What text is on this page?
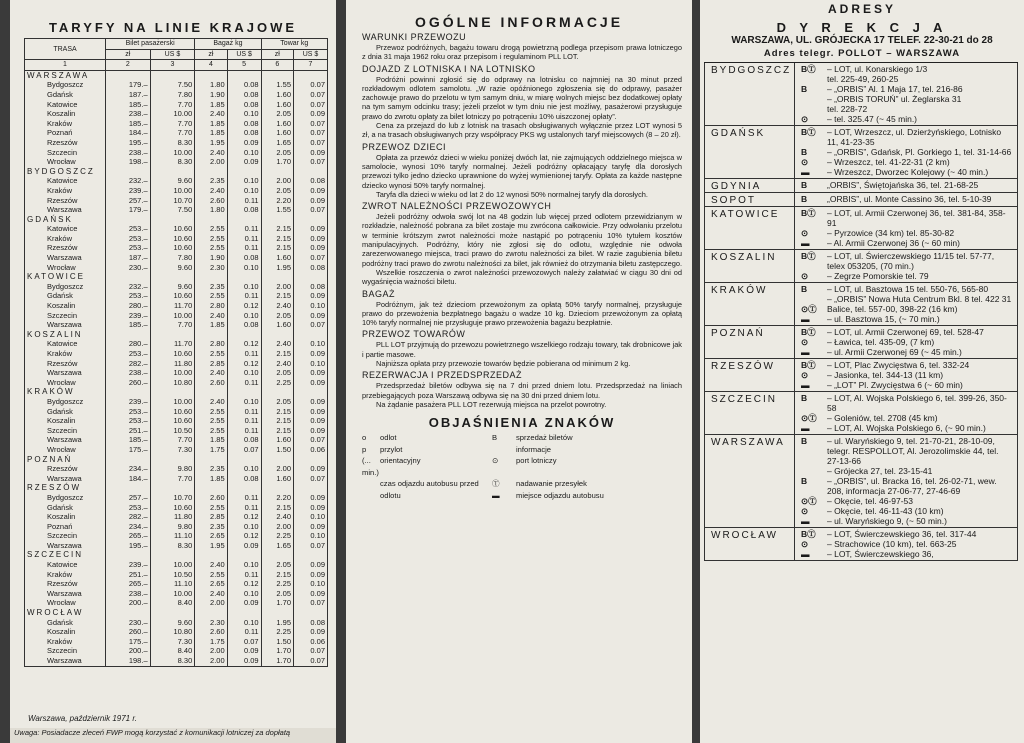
TARYFY NA LINIE KRAJOWE
TRASA	Bilet pasażerski		Bagaż kg		Towar kg	
	zł	US $	zł	US $	zł	US $
1	2	3	4	5	6	7
WARSZAWA						
Bydgoszcz	179.–	7.50	1.80	0.08	1.55	0.07
Gdańsk	187.–	7.80	1.90	0.08	1.60	0.07
Katowice	185.–	7.70	1.85	0.08	1.60	0.07
Koszalin	238.–	10.00	2.40	0.10	2.05	0.09
Kraków	185.–	7.70	1.85	0.08	1.60	0.07
Poznań	184.–	7.70	1.85	0.08	1.60	0.07
Rzeszów	195.–	8.30	1.95	0.09	1.65	0.07
Szczecin	238.–	10.00	2.40	0.10	2.05	0.09
Wrocław	198.–	8.30	2.00	0.09	1.70	0.07
BYDGOSZCZ						
Katowice	232.–	9.60	2.35	0.10	2.00	0.08
Kraków	239.–	10.00	2.40	0.10	2.05	0.09
Rzeszów	257.–	10.70	2.60	0.11	2.20	0.09
Warszawa	179.–	7.50	1.80	0.08	1.55	0.07
GDAŃSK						
Katowice	253.–	10.60	2.55	0.11	2.15	0.09
Kraków	253.–	10.60	2.55	0.11	2.15	0.09
Rzeszów	253.–	10.60	2.55	0.11	2.15	0.09
Warszawa	187.–	7.80	1.90	0.08	1.60	0.07
Wrocław	230.–	9.60	2.30	0.10	1.95	0.08
KATOWICE						
Bydgoszcz	232.–	9.60	2.35	0.10	2.00	0.08
Gdańsk	253.–	10.60	2.55	0.11	2.15	0.09
Koszalin	280.–	11.70	2.80	0.12	2.40	0.10
Szczecin	239.–	10.00	2.40	0.10	2.05	0.09
Warszawa	185.–	7.70	1.85	0.08	1.60	0.07
KOSZALIN						
Katowice	280.–	11.70	2.80	0.12	2.40	0.10
Kraków	253.–	10.60	2.55	0.11	2.15	0.09
Rzeszów	282.–	11.80	2.85	0.12	2.40	0.10
Warszawa	238.–	10.00	2.40	0.10	2.05	0.09
Wrocław	260.–	10.80	2.60	0.11	2.25	0.09
KRAKÓW						
Bydgoszcz	239.–	10.00	2.40	0.10	2.05	0.09
Gdańsk	253.–	10.60	2.55	0.11	2.15	0.09
Koszalin	253.–	10.60	2.55	0.11	2.15	0.09
Szczecin	251.–	10.50	2.55	0.11	2.15	0.09
Warszawa	185.–	7.70	1.85	0.08	1.60	0.07
Wrocław	175.–	7.30	1.75	0.07	1.50	0.06
POZNAŃ						
Rzeszów	234.–	9.80	2.35	0.10	2.00	0.09
Warszawa	184.–	7.70	1.85	0.08	1.60	0.07
RZESZÓW						
Bydgoszcz	257.–	10.70	2.60	0.11	2.20	0.09
Gdańsk	253.–	10.60	2.55	0.11	2.15	0.09
Koszalin	282.–	11.80	2.85	0.12	2.40	0.10
Poznań	234.–	9.80	2.35	0.10	2.00	0.09
Szczecin	265.–	11.10	2.65	0.12	2.25	0.10
Warszawa	195.–	8.30	1.95	0.09	1.65	0.07
SZCZECIN						
Katowice	239.–	10.00	2.40	0.10	2.05	0.09
Kraków	251.–	10.50	2.55	0.11	2.15	0.09
Rzeszów	265.–	11.10	2.65	0.12	2.25	0.10
Warszawa	238.–	10.00	2.40	0.10	2.05	0.09
Wrocław	200.–	8.40	2.00	0.09	1.70	0.07
WROCŁAW						
Gdańsk	230.–	9.60	2.30	0.10	1.95	0.08
Koszalin	260.–	10.80	2.60	0.11	2.25	0.09
Kraków	175.–	7.30	1.75	0.07	1.50	0.06
Szczecin	200.–	8.40	2.00	0.09	1.70	0.07
Warszawa	198.–	8.30	2.00	0.09	1.70	0.07
Warszawa, październik 1971 r.
Uwaga: Posiadacze zleceń FWP mogą korzystać z komunikacji lotniczej za dopłatą
OGÓLNE INFORMACJE
WARUNKI PRZEWOZU

Przewoz podróżnych, bagażu towaru drogą powietrzną podlega przepisom prawa lotniczego z dnia 31 maja 1962 roku oraz przepisom i regulaminom PLL LOT.

DOJAZD Z LOTNISKA I NA LOTNISKO

Podróżni powinni zgłosić się do odprawy na lotnisku co najmniej na 30 minut przed rozkładowym odlotem samolotu. „W razie opóźnionego zgłoszenia się do odprawy, pasażer zachowuje prawo do przelotu w tym samym dniu, w miarę wolnych miejsc bez dodatkowej opłaty na tym samym odcinku trasy; jeżeli przelot w tym dniu nie jest możliwy, pasażerowi przysługuje prawo do zwrotu opłaty za bilet lotniczy po potrąceniu 10% uiszczonej opłaty”.

Cena za przejazd do lub z lotnisk na trasach obsługiwanych wyłącznie przez LOT wynosi 5 zł, a na trasach obsługiwanych przy współpracy PKS wg ustalonych taryf miejscowych (8 – 20 zł).

PRZEWOZ DZIECI

Opłata za przewóz dzieci w wieku poniżej dwóch lat, nie zajmujących oddzielnego miejsca w samolocie, wynosi 10% taryfy normalnej. Jeżeli podróżny opłacający taryfę dla dorosłych przewozi tylko jedno dziecko uprawnione do wyżej wymienionej taryfy. Opłata za każde następne dziecko wynosi 50% taryfy normalnej.

Taryfa dla dzieci w wieku od lat 2 do 12 wynosi 50% normalnej taryfy dla dorosłych.

ZWROT NALEŻNOŚCI PRZEWOZOWYCH

Jeżeli podróżny odwoła swój lot na 48 godzin lub więcej przed odlotem przewidzianym w rozkładzie, należność pobrana za bilet zostaje mu zwrócona całkowicie. Przy odwołaniu przelotu w terminie krótszym zwrot należności może nastąpić po potrąceniu 10% tytułem kosztów manipulacyjnych. Podróżny, który nie zgłosi się do odlotu, względnie nie odwoła zarezerwowanego miejsca, traci prawo do zwrotu należności za bilet. W razie zagubienia biletu podróżny traci prawo do zwrotu należności za bilet, jak również do otrzymania biletu zastępczego.

Wszelkie roszczenia o zwrot należności przewozowych należy załatwiać w ciągu 30 dni od wygaśnięcia ważności biletu.

BAGAŻ

Podróżnym, jak też dzieciom przewożonym za opłatą 50% taryfy normalnej, przysługuje prawo do przewożenia bezpłatnego bagażu o wadze 10 kg. Dzieciom przewożonym za opłatą 10% taryfy normalnej nie przysługuje prawo przewożenia bagażu bezpłatnie.

PRZEWOZ TOWARÓW

PLL LOT przyjmują do przewozu powietrznego wszelkiego rodzaju towary, tak drobnicowe jak i partie masowe.

Najniższa opłata przy przewozie towarów będzie pobierana od minimum 2 kg.

REZERWACJA I PRZEDSPRZEDAŻ

Przedsprzedaż biletów odbywa się na 7 dni przed dniem lotu. Przedsprzedaż na liniach przebiegających poza Warszawą odbywa się na 30 dni przed dniem lotu.

Na żądanie pasażera PLL LOT rezerwują miejsca na przelot powrotny.

OBJAŚNIENIA ZNAKÓW
o	odlot	B	sprzedaż biletów
p	przylot	informacje
(... min.)
orientacyjny	⊙	port lotniczy
czas odjazdu autobusu przed	Ⓣ	nadawanie przesyłek
odlotu	▬	miejsce odjazdu autobusu
ADRESY
D Y R E K C J A
WARSZAWA, UL. GRÓJECKA 17 TELEF. 22-30-21 do 28
Adres telegr. POLLOT – WARSZAWA
BYDGOSZCZ	BⓉ	– LOT, ul. Konarskiego 1/3
tel. 225-49, 260-25
B	– „ORBIS” Al. 1 Maja 17, tel. 216-86
– „ORBIS TORUŃ” ul. Żeglarska 31
tel. 228-72
⊙	– tel. 325.47 (~ 45 min.)
GDAŃSK	BⓉ	– LOT, Wrzeszcz, ul. Dzierżyńskiego, Lotnisko 11, 41-23-35
B	– „ORBIS”, Gdańsk, Pl. Gorkiego 1, tel. 31-14-66
⊙	– Wrzeszcz, tel. 41-22-31 (2 km)
▬	– Wrzeszcz, Dworzec Kolejowy (~ 40 min.)
GDYNIA	B	„ORBIS”, Świętojańska 36, tel. 21-68-25
SOPOT	B	„ORBIS”, ul. Monte Cassino 36, tel. 5-10-39
KATOWICE	BⓉ	– LOT, ul. Armii Czerwonej 36, tel. 381-84, 358-91
⊙	– Pyrzowice (34 km) tel. 85-30-82
▬	– Al. Armii Czerwonej 36 (~ 60 min)
KOSZALIN	BⓉ	– LOT, ul. Świerczewskiego 11/15 tel. 57-77, telex 053205, (70 min.)
⊙	– Zegrze Pomorskie tel. 79
KRAKÓW	B	– LOT, ul. Basztowa 15 tel. 550-76, 565-80
– „ORBIS” Nowa Huta Centrum Bkl. 8 tel. 422 31
⊙Ⓣ	Balice, tel. 557-00, 398-22 (16 km)
▬	– ul. Basztowa 15, (~ 70 min.)
POZNAŃ	BⓉ	– LOT, ul. Armii Czerwonej 69, tel. 528-47
⊙	– Ławica, tel. 435-09, (7 km)
▬	– ul. Armii Czerwonej 69 (~ 45 min.)
RZESZÓW	BⓉ	– LOT, Plac Zwycięstwa 6, tel. 332-24
⊙	– Jasionka, tel. 344-13 (11 km)
▬	– „LOT” Pl. Zwycięstwa 6 (~ 60 min)
SZCZECIN	B	– LOT, Al. Wojska Polskiego 6, tel. 399-26, 350-58
⊙Ⓣ	– Goleniów, tel. 2708 (45 km)
▬	– LOT, Al. Wojska Polskiego 6, (~ 90 min.)
WARSZAWA	B	– ul. Waryńskiego 9, tel. 21-70-21, 28-10-09, telegr. RESPOLLOT, Al. Jerozolimskie 44, tel. 27-13-66
– Grójecka 27, tel. 23-15-41
B	– „ORBIS”, ul. Bracka 16, tel. 26-02-71, wew. 208, informacja 27-06-77, 27-46-69
⊙Ⓣ	– Okęcie, tel. 46-97-53
⊙	– Okęcie, tel. 46-11-43 (10 km)
▬	– ul. Waryńskiego 9, (~ 50 min.)
WROCŁAW	BⓉ	– LOT, Świerczewskiego 36, tel. 317-44
⊙	– Strachowice (10 km), tel. 663-25
▬	– LOT, Świerczewskiego 36,
